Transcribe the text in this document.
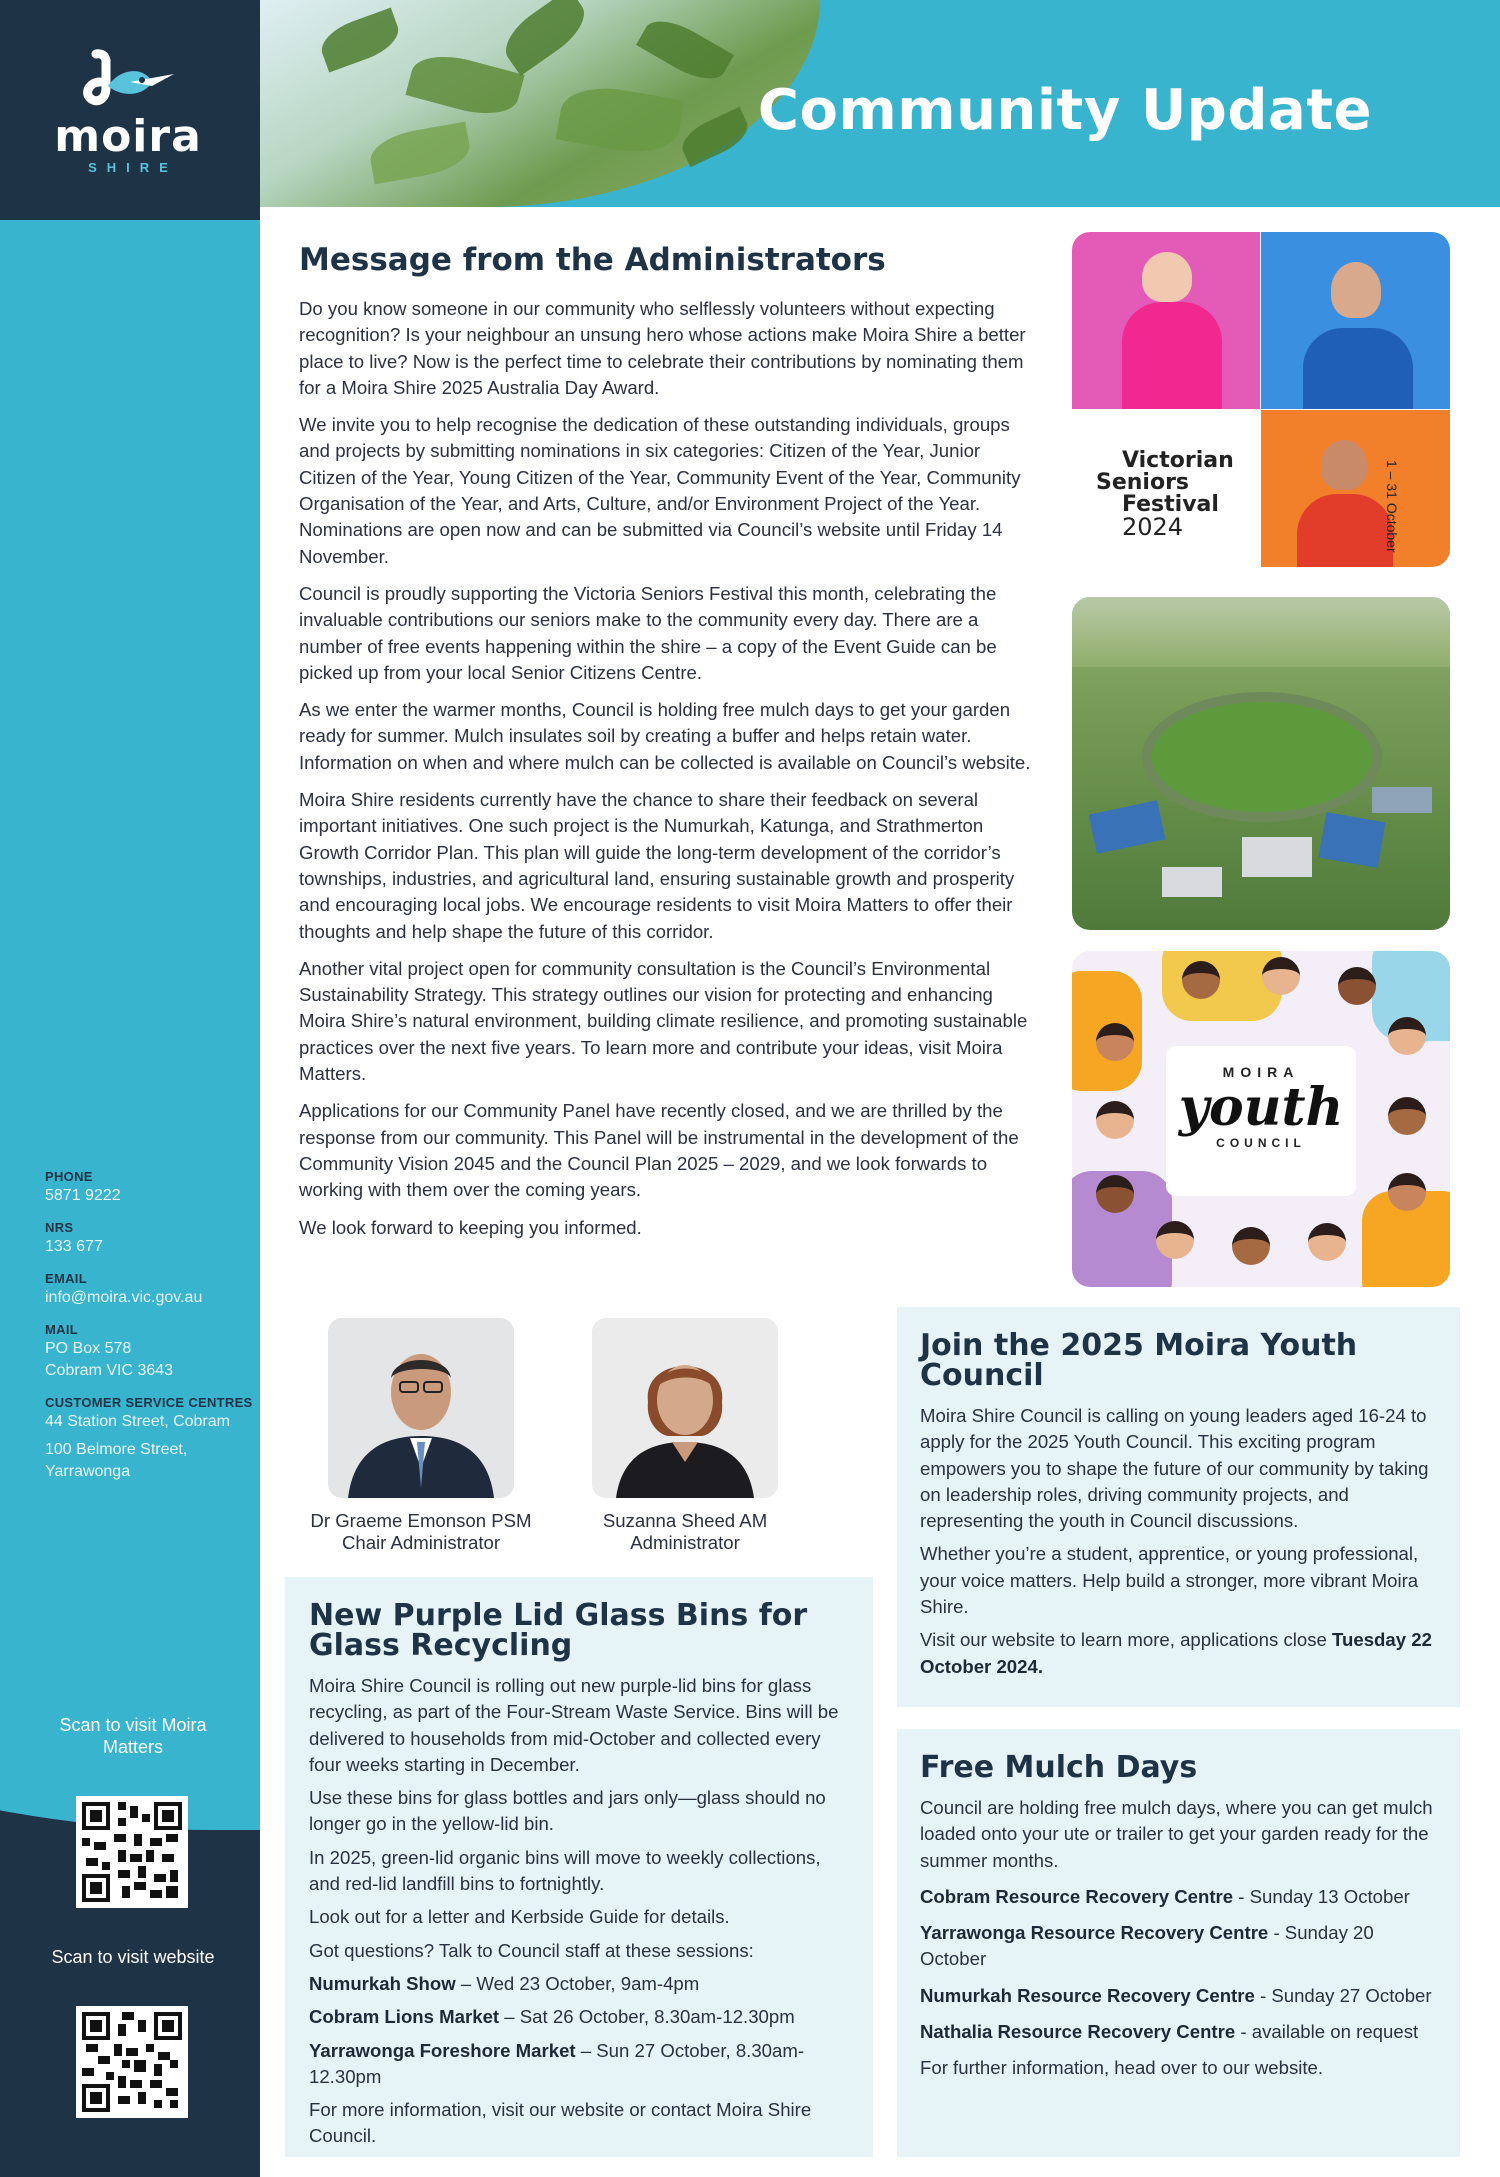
moira
SHIRE
PHONE
5871 9222
NRS
133 677
EMAIL
info@moira.vic.gov.au
MAIL
PO Box 578
Cobram VIC 3643
CUSTOMER SERVICE CENTRES
44 Station Street, Cobram
100 Belmore Street, Yarrawonga
Scan to visit Moira Matters
Scan to visit website
Community Update
Message from the Administrators

Do you know someone in our community who selflessly volunteers without expecting recognition? Is your neighbour an unsung hero whose actions make Moira Shire a better place to live? Now is the perfect time to celebrate their contributions by nominating them for a Moira Shire 2025 Australia Day Award.

We invite you to help recognise the dedication of these outstanding individuals, groups and projects by submitting nominations in six categories: Citizen of the Year, Junior Citizen of the Year, Young Citizen of the Year, Community Event of the Year, Community Organisation of the Year, and Arts, Culture, and/or Environment Project of the Year. Nominations are open now and can be submitted via Council’s website until Friday 14 November.

Council is proudly supporting the Victoria Seniors Festival this month, celebrating the invaluable contributions our seniors make to the community every day. There are a number of free events happening within the shire – a copy of the Event Guide can be picked up from your local Senior Citizens Centre.

As we enter the warmer months, Council is holding free mulch days to get your garden ready for summer. Mulch insulates soil by creating a buffer and helps retain water. Information on when and where mulch can be collected is available on Council’s website.

Moira Shire residents currently have the chance to share their feedback on several important initiatives. One such project is the Numurkah, Katunga, and Strathmerton Growth Corridor Plan. This plan will guide the long-term development of the corridor’s townships, industries, and agricultural land, ensuring sustainable growth and prosperity and encouraging local jobs. We encourage residents to visit Moira Matters to offer their thoughts and help shape the future of this corridor.

Another vital project open for community consultation is the Council’s Environmental Sustainability Strategy. This strategy outlines our vision for protecting and enhancing Moira Shire’s natural environment, building climate resilience, and promoting sustainable practices over the next five years. To learn more and contribute your ideas, visit Moira Matters.

Applications for our Community Panel have recently closed, and we are thrilled by the response from our community. This Panel will be instrumental in the development of the Community Vision 2045 and the Council Plan 2025 – 2029, and we look forwards to working with them over the coming years.

We look forward to keeping you informed.

Dr Graeme Emonson PSM
Chair Administrator
Suzanna Sheed AM
Administrator
Victorian
Seniors
Festival
2024	1 – 31 October
MOIRA
youth
COUNCIL
New Purple Lid Glass Bins for Glass Recycling

Moira Shire Council is rolling out new purple-lid bins for glass recycling, as part of the Four-Stream Waste Service. Bins will be delivered to households from mid-October and collected every four weeks starting in December.

Use these bins for glass bottles and jars only—glass should no longer go in the yellow-lid bin.

In 2025, green-lid organic bins will move to weekly collections, and red-lid landfill bins to fortnightly.

Look out for a letter and Kerbside Guide for details.

Got questions? Talk to Council staff at these sessions:

Numurkah Show – Wed 23 October, 9am-4pm

Cobram Lions Market – Sat 26 October, 8.30am-12.30pm

Yarrawonga Foreshore Market – Sun 27 October, 8.30am-12.30pm

For more information, visit our website or contact Moira Shire Council.

Join the 2025 Moira Youth Council

Moira Shire Council is calling on young leaders aged 16-24 to apply for the 2025 Youth Council. This exciting program empowers you to shape the future of our community by taking on leadership roles, driving community projects, and representing the youth in Council discussions.

Whether you’re a student, apprentice, or young professional, your voice matters. Help build a stronger, more vibrant Moira Shire.

Visit our website to learn more, applications close Tuesday 22 October 2024.

Free Mulch Days

Council are holding free mulch days, where you can get mulch loaded onto your ute or trailer to get your garden ready for the summer months.

Cobram Resource Recovery Centre - Sunday 13 October

Yarrawonga Resource Recovery Centre - Sunday 20 October

Numurkah Resource Recovery Centre - Sunday 27 October

Nathalia Resource Recovery Centre - available on request

For further information, head over to our website.
